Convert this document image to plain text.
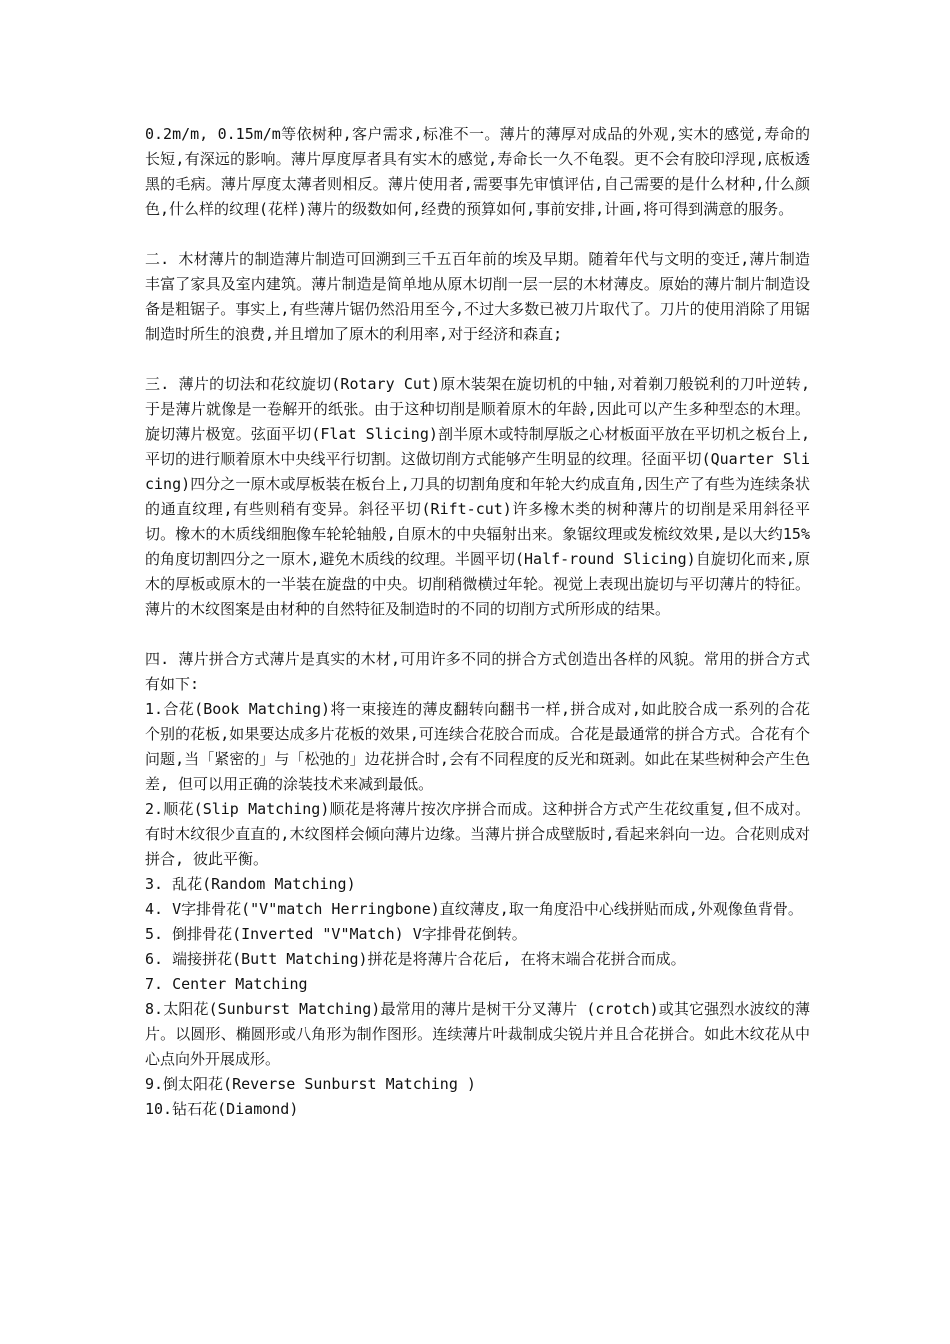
0.2m/m, 0.15m/m等依树种,客户需求,标准不一。薄片的薄厚对成品的外观,实木的感觉,寿命的长短,有深远的影响。薄片厚度厚者具有实木的感觉,寿命长一久不龟裂。更不会有胶印浮现,底板透黑的毛病。薄片厚度太薄者则相反。薄片使用者,需要事先审慎评估,自己需要的是什么材种,什么颜色,什么样的纹理(花样)薄片的级数如何,经费的预算如何,事前安排,计画,将可得到满意的服务。

二. 木材薄片的制造薄片制造可回溯到三千五百年前的埃及早期。随着年代与文明的变迁,薄片制造丰富了家具及室内建筑。薄片制造是简单地从原木切削一层一层的木材薄皮。原始的薄片制片制造设备是粗锯子。事实上,有些薄片锯仍然沿用至今,不过大多数已被刀片取代了。刀片的使用消除了用锯制造时所生的浪费,并且增加了原木的利用率,对于经济和森直;

三. 薄片的切法和花纹旋切(Rotary Cut)原木装架在旋切机的中轴,对着剃刀般锐利的刀叶逆转,于是薄片就像是一卷解开的纸张。由于这种切削是顺着原木的年龄,因此可以产生多种型态的木理。旋切薄片极宽。弦面平切(Flat Slicing)剖半原木或特制厚版之心材板面平放在平切机之板台上,平切的进行顺着原木中央线平行切割。这做切削方式能够产生明显的纹理。径面平切(Quarter Slicing)四分之一原木或厚板装在板台上,刀具的切割角度和年轮大约成直角,因生产了有些为连续条状的通直纹理,有些则稍有变异。斜径平切(Rift-cut)许多橡木类的树种薄片的切削是采用斜径平切。橡木的木质线细胞像车轮轮轴般,自原木的中央辐射出来。象锯纹理或发梳纹效果,是以大约15%的角度切割四分之一原木,避免木质线的纹理。半圆平切(Half-round Slicing)自旋切化而来,原木的厚板或原木的一半装在旋盘的中央。切削稍微横过年轮。视觉上表现出旋切与平切薄片的特征。薄片的木纹图案是由材种的自然特征及制造时的不同的切削方式所形成的结果。

四. 薄片拼合方式薄片是真实的木材,可用许多不同的拼合方式创造出各样的风貌。常用的拼合方式有如下:

1.合花(Book Matching)将一束接连的薄皮翻转向翻书一样,拼合成对,如此胶合成一系列的合花个别的花板,如果要达成多片花板的效果,可连续合花胶合而成。合花是最通常的拼合方式。合花有个问题,当「紧密的」与「松弛的」边花拼合时,会有不同程度的反光和斑剥。如此在某些树种会产生色差, 但可以用正确的涂装技术来减到最低。

2.顺花(Slip Matching)顺花是将薄片按次序拼合而成。这种拼合方式产生花纹重复,但不成对。有时木纹很少直直的,木纹图样会倾向薄片边缘。当薄片拼合成壁版时,看起来斜向一边。合花则成对拼合, 彼此平衡。

3. 乱花(Random Matching)

4. V字排骨花("V"match Herringbone)直纹薄皮,取一角度沿中心线拼贴而成,外观像鱼背骨。

5. 倒排骨花(Inverted "V"Match) V字排骨花倒转。

6. 端接拼花(Butt Matching)拼花是将薄片合花后, 在将末端合花拼合而成。

7. Center Matching

8.太阳花(Sunburst Matching)最常用的薄片是树干分叉薄片 (crotch)或其它强烈水波纹的薄片。以圆形、椭圆形或八角形为制作图形。连续薄片叶裁制成尖锐片并且合花拼合。如此木纹花从中心点向外开展成形。

9.倒太阳花(Reverse Sunburst Matching )

10.钻石花(Diamond)
